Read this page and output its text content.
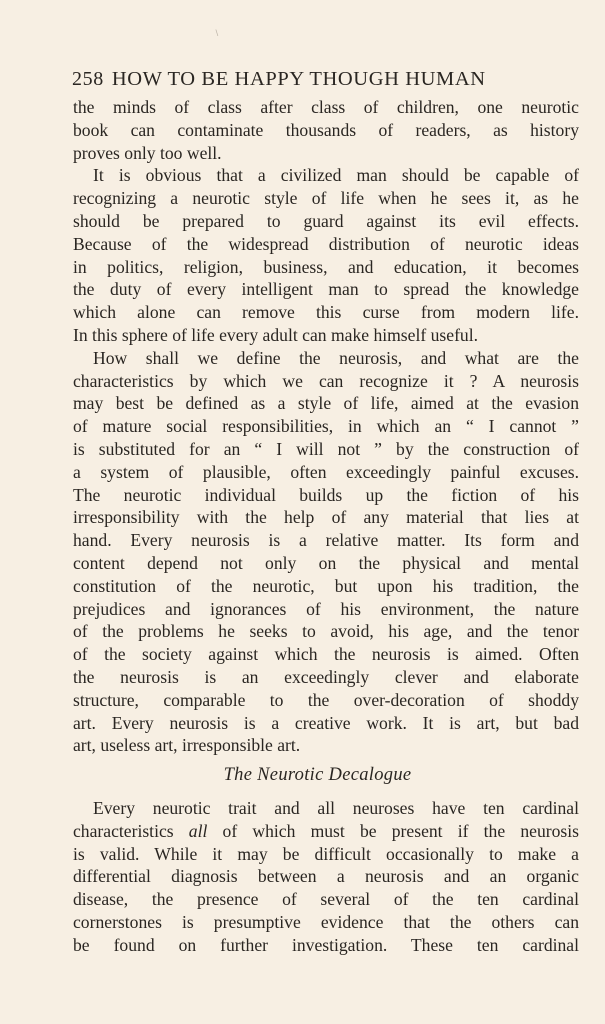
∖
258 HOW TO BE HAPPY THOUGH HUMAN
the minds of class after class of children, one neurotic
book can contaminate thousands of readers, as history
proves only too well.
It is obvious that a civilized man should be capable of
recognizing a neurotic style of life when he sees it, as he
should be prepared to guard against its evil effects.
Because of the widespread distribution of neurotic ideas
in politics, religion, business, and education, it becomes
the duty of every intelligent man to spread the knowledge
which alone can remove this curse from modern life.
In this sphere of life every adult can make himself useful.
How shall we define the neurosis, and what are the
characteristics by which we can recognize it ? A neurosis
may best be defined as a style of life, aimed at the evasion
of mature social responsibilities, in which an “ I cannot ”
is substituted for an “ I will not ” by the construction of
a system of plausible, often exceedingly painful excuses.
The neurotic individual builds up the fiction of his
irresponsibility with the help of any material that lies at
hand. Every neurosis is a relative matter. Its form and
content depend not only on the physical and mental
constitution of the neurotic, but upon his tradition, the
prejudices and ignorances of his environment, the nature
of the problems he seeks to avoid, his age, and the tenor
of the society against which the neurosis is aimed. Often
the neurosis is an exceedingly clever and elaborate
structure, comparable to the over-decoration of shoddy
art. Every neurosis is a creative work. It is art, but bad
art, useless art, irresponsible art.
The Neurotic Decalogue
Every neurotic trait and all neuroses have ten cardinal
characteristics all of which must be present if the neurosis
is valid. While it may be difficult occasionally to make a
differential diagnosis between a neurosis and an organic
disease, the presence of several of the ten cardinal
cornerstones is presumptive evidence that the others can
be found on further investigation. These ten cardinal
